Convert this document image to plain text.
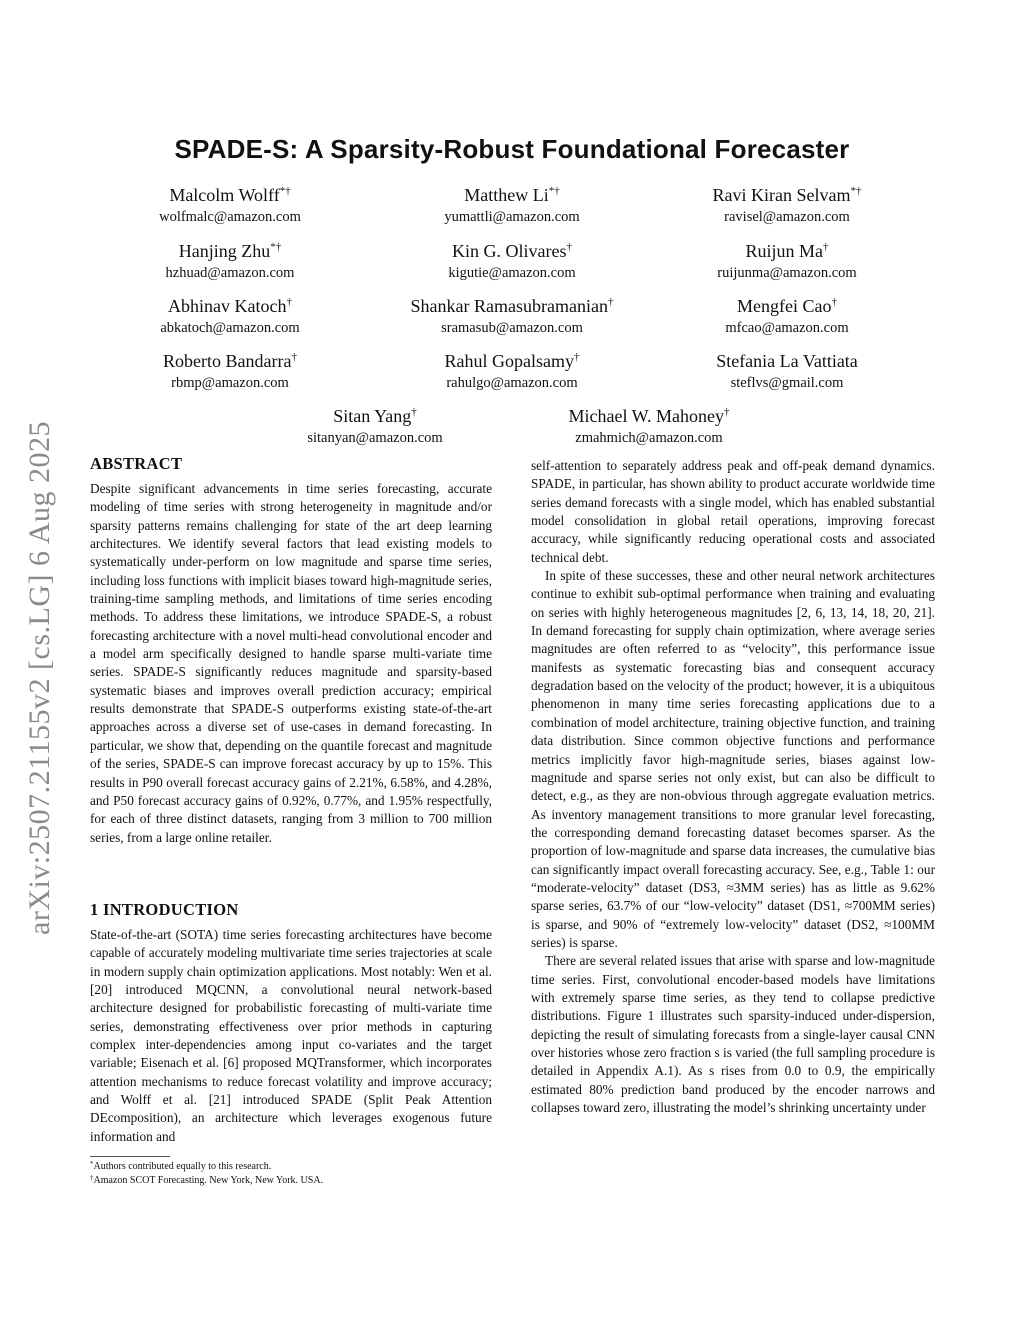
arXiv:2507.21155v2 [cs.LG] 6 Aug 2025
SPADE-S: A Sparsity-Robust Foundational Forecaster
Malcolm Wolff*†
wolfmalc@amazon.com
Matthew Li*†
yumattli@amazon.com
Ravi Kiran Selvam*†
ravisel@amazon.com
Hanjing Zhu*†
hzhuad@amazon.com
Kin G. Olivares†
kigutie@amazon.com
Ruijun Ma†
ruijunma@amazon.com
Abhinav Katoch†
abkatoch@amazon.com
Shankar Ramasubramanian†
sramasub@amazon.com
Mengfei Cao†
mfcao@amazon.com
Roberto Bandarra†
rbmp@amazon.com
Rahul Gopalsamy†
rahulgo@amazon.com
Stefania La Vattiata
steflvs@gmail.com
Sitan Yang†
sitanyan@amazon.com
Michael W. Mahoney†
zmahmich@amazon.com
ABSTRACT

Despite significant advancements in time series forecasting, accurate modeling of time series with strong heterogeneity in magnitude and/or sparsity patterns remains challenging for state of the art deep learning architectures. We identify several factors that lead existing models to systematically under-perform on low magnitude and sparse time series, including loss functions with implicit biases toward high-magnitude series, training-time sampling methods, and limitations of time series encoding methods. To address these limitations, we introduce SPADE-S, a robust forecasting architecture with a novel multi-head convolutional encoder and a model arm specifically designed to handle sparse multi-variate time series. SPADE-S significantly reduces magnitude and sparsity-based systematic biases and improves overall prediction accuracy; empirical results demonstrate that SPADE-S outperforms existing state-of-the-art approaches across a diverse set of use-cases in demand forecasting. In particular, we show that, depending on the quantile forecast and magnitude of the series, SPADE-S can improve forecast accuracy by up to 15%. This results in P90 overall forecast accuracy gains of 2.21%, 6.58%, and 4.28%, and P50 forecast accuracy gains of 0.92%, 0.77%, and 1.95% respectfully, for each of three distinct datasets, ranging from 3 million to 700 million series, from a large online retailer.

1 INTRODUCTION

State-of-the-art (SOTA) time series forecasting architectures have become capable of accurately modeling multivariate time series trajectories at scale in modern supply chain optimization applications. Most notably: Wen et al. [20] introduced MQCNN, a convolutional neural network-based architecture designed for probabilistic forecasting of multi-variate time series, demonstrating effectiveness over prior methods in capturing complex inter-dependencies among input co-variates and the target variable; Eisenach et al. [6] proposed MQTransformer, which incorporates attention mechanisms to reduce forecast volatility and improve accuracy; and Wolff et al. [21] introduced SPADE (Split Peak Attention DEcomposition), an architecture which leverages exogenous future information and

self-attention to separately address peak and off-peak demand dynamics. SPADE, in particular, has shown ability to product accurate worldwide time series demand forecasts with a single model, which has enabled substantial model consolidation in global retail operations, improving forecast accuracy, while significantly reducing operational costs and associated technical debt.

In spite of these successes, these and other neural network architectures continue to exhibit sub-optimal performance when training and evaluating on series with highly heterogeneous magnitudes [2, 6, 13, 14, 18, 20, 21]. In demand forecasting for supply chain optimization, where average series magnitudes are often referred to as “velocity”, this performance issue manifests as systematic forecasting bias and consequent accuracy degradation based on the velocity of the product; however, it is a ubiquitous phenomenon in many time series forecasting applications due to a combination of model architecture, training objective function, and training data distribution. Since common objective functions and performance metrics implicitly favor high-magnitude series, biases against low-magnitude and sparse series not only exist, but can also be difficult to detect, e.g., as they are non-obvious through aggregate evaluation metrics. As inventory management transitions to more granular level forecasting, the corresponding demand forecasting dataset becomes sparser. As the proportion of low-magnitude and sparse data increases, the cumulative bias can significantly impact overall forecasting accuracy. See, e.g., Table 1: our “moderate-velocity” dataset (DS3, ≈3MM series) has as little as 9.62% sparse series, 63.7% of our “low-velocity” dataset (DS1, ≈700MM series) is sparse, and 90% of “extremely low-velocity” dataset (DS2, ≈100MM series) is sparse.

There are several related issues that arise with sparse and low-magnitude time series. First, convolutional encoder-based models have limitations with extremely sparse time series, as they tend to collapse predictive distributions. Figure 1 illustrates such sparsity-induced under-dispersion, depicting the result of simulating forecasts from a single-layer causal CNN over histories whose zero fraction s is varied (the full sampling procedure is detailed in Appendix A.1). As s rises from 0.0 to 0.9, the empirically estimated 80% prediction band produced by the encoder narrows and collapses toward zero, illustrating the model’s shrinking uncertainty under

*Authors contributed equally to this research.
†Amazon SCOT Forecasting. New York, New York. USA.
